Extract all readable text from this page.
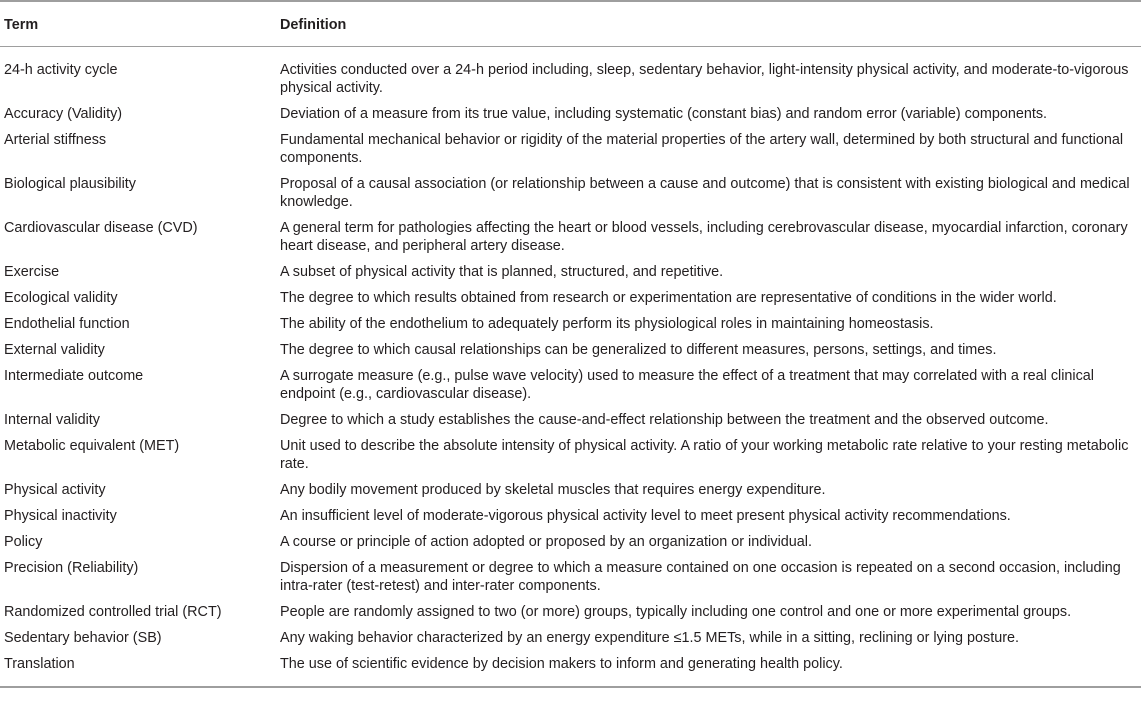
Term	Definition
24-h activity cycle	Activities conducted over a 24-h period including, sleep, sedentary behavior, light-intensity physical activity, and moderate-to-vigorous physical activity.
Accuracy (Validity)	Deviation of a measure from its true value, including systematic (constant bias) and random error (variable) components.
Arterial stiffness	Fundamental mechanical behavior or rigidity of the material properties of the artery wall, determined by both structural and functional components.
Biological plausibility	Proposal of a causal association (or relationship between a cause and outcome) that is consistent with existing biological and medical knowledge.
Cardiovascular disease (CVD)	A general term for pathologies affecting the heart or blood vessels, including cerebrovascular disease, myocardial infarction, coronary heart disease, and peripheral artery disease.
Exercise	A subset of physical activity that is planned, structured, and repetitive.
Ecological validity	The degree to which results obtained from research or experimentation are representative of conditions in the wider world.
Endothelial function	The ability of the endothelium to adequately perform its physiological roles in maintaining homeostasis.
External validity	The degree to which causal relationships can be generalized to different measures, persons, settings, and times.
Intermediate outcome	A surrogate measure (e.g., pulse wave velocity) used to measure the effect of a treatment that may correlated with a real clinical endpoint (e.g., cardiovascular disease).
Internal validity	Degree to which a study establishes the cause-and-effect relationship between the treatment and the observed outcome.
Metabolic equivalent (MET)	Unit used to describe the absolute intensity of physical activity. A ratio of your working metabolic rate relative to your resting metabolic rate.
Physical activity	Any bodily movement produced by skeletal muscles that requires energy expenditure.
Physical inactivity	An insufficient level of moderate-vigorous physical activity level to meet present physical activity recommendations.
Policy	A course or principle of action adopted or proposed by an organization or individual.
Precision (Reliability)	Dispersion of a measurement or degree to which a measure contained on one occasion is repeated on a second occasion, including intra-rater (test-retest) and inter-rater components.
Randomized controlled trial (RCT)	People are randomly assigned to two (or more) groups, typically including one control and one or more experimental groups.
Sedentary behavior (SB)	Any waking behavior characterized by an energy expenditure ≤1.5 METs, while in a sitting, reclining or lying posture.
Translation	The use of scientific evidence by decision makers to inform and generating health policy.
